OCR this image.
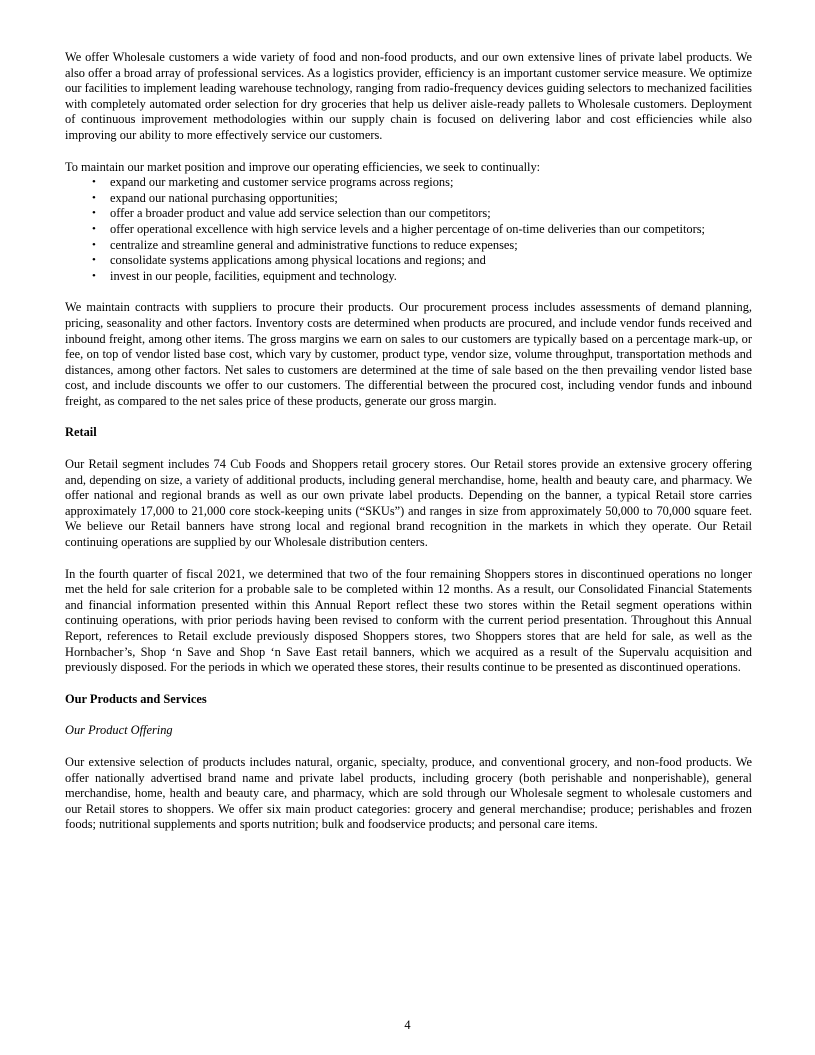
We offer Wholesale customers a wide variety of food and non-food products, and our own extensive lines of private label products. We also offer a broad array of professional services. As a logistics provider, efficiency is an important customer service measure. We optimize our facilities to implement leading warehouse technology, ranging from radio-frequency devices guiding selectors to mechanized facilities with completely automated order selection for dry groceries that help us deliver aisle-ready pallets to Wholesale customers. Deployment of continuous improvement methodologies within our supply chain is focused on delivering labor and cost efficiencies while also improving our ability to more effectively service our customers.

To maintain our market position and improve our operating efficiencies, we seek to continually:

• expand our marketing and customer service programs across regions;
• expand our national purchasing opportunities;
• offer a broader product and value add service selection than our competitors;
• offer operational excellence with high service levels and a higher percentage of on-time deliveries than our competitors;
• centralize and streamline general and administrative functions to reduce expenses;
• consolidate systems applications among physical locations and regions; and
• invest in our people, facilities, equipment and technology.

We maintain contracts with suppliers to procure their products. Our procurement process includes assessments of demand planning, pricing, seasonality and other factors. Inventory costs are determined when products are procured, and include vendor funds received and inbound freight, among other items. The gross margins we earn on sales to our customers are typically based on a percentage mark-up, or fee, on top of vendor listed base cost, which vary by customer, product type, vendor size, volume throughput, transportation methods and distances, among other factors. Net sales to customers are determined at the time of sale based on the then prevailing vendor listed base cost, and include discounts we offer to our customers. The differential between the procured cost, including vendor funds and inbound freight, as compared to the net sales price of these products, generate our gross margin.

Retail

Our Retail segment includes 74 Cub Foods and Shoppers retail grocery stores. Our Retail stores provide an extensive grocery offering and, depending on size, a variety of additional products, including general merchandise, home, health and beauty care, and pharmacy. We offer national and regional brands as well as our own private label products. Depending on the banner, a typical Retail store carries approximately 17,000 to 21,000 core stock-keeping units (“SKUs”) and ranges in size from approximately 50,000 to 70,000 square feet. We believe our Retail banners have strong local and regional brand recognition in the markets in which they operate. Our Retail continuing operations are supplied by our Wholesale distribution centers.

In the fourth quarter of fiscal 2021, we determined that two of the four remaining Shoppers stores in discontinued operations no longer met the held for sale criterion for a probable sale to be completed within 12 months. As a result, our Consolidated Financial Statements and financial information presented within this Annual Report reflect these two stores within the Retail segment operations within continuing operations, with prior periods having been revised to conform with the current period presentation. Throughout this Annual Report, references to Retail exclude previously disposed Shoppers stores, two Shoppers stores that are held for sale, as well as the Hornbacher’s, Shop ‘n Save and Shop ‘n Save East retail banners, which we acquired as a result of the Supervalu acquisition and previously disposed. For the periods in which we operated these stores, their results continue to be presented as discontinued operations.

Our Products and Services
Our Product Offering

Our extensive selection of products includes natural, organic, specialty, produce, and conventional grocery, and non-food products. We offer nationally advertised brand name and private label products, including grocery (both perishable and nonperishable), general merchandise, home, health and beauty care, and pharmacy, which are sold through our Wholesale segment to wholesale customers and our Retail stores to shoppers. We offer six main product categories: grocery and general merchandise; produce; perishables and frozen foods; nutritional supplements and sports nutrition; bulk and foodservice products; and personal care items.

4
